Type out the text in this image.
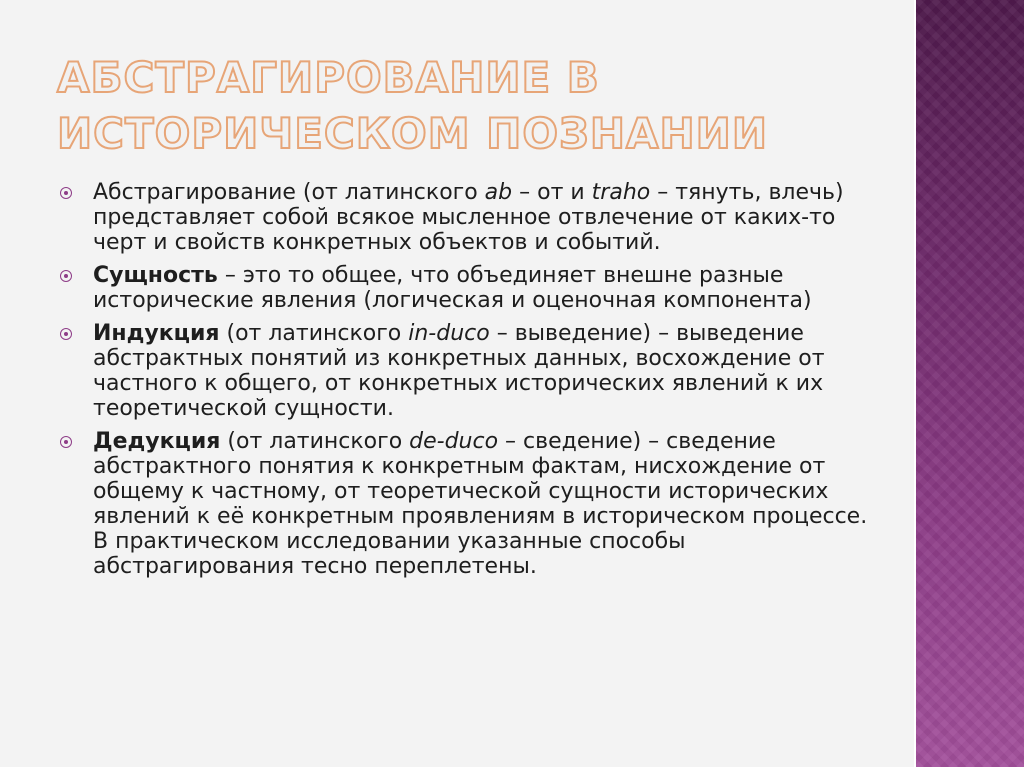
АБСТРАГИРОВАНИЕ В
ИСТОРИЧЕСКОМ ПОЗНАНИИ
Абстрагирование (от латинского ab – от и traho – тянуть, влечь) представляет собой всякое мысленное отвлечение от каких-то черт и свойств конкретных объектов и событий.
Сущность – это то общее, что объединяет внешне разные исторические явления (логическая и оценочная компонента)
Индукция (от латинского in-duco – выведение) – выведение абстрактных понятий из конкретных данных, восхождение от частного к общего, от конкретных исторических явлений к их теоретической сущности.
Дедукция (от латинского de-duco – сведение) – сведение абстрактного понятия к конкретным фактам, нисхождение от общему к частному, от теоретической сущности исторических явлений к её конкретным проявлениям в историческом процессе. В практическом исследовании указанные способы абстрагирования тесно переплетены.
